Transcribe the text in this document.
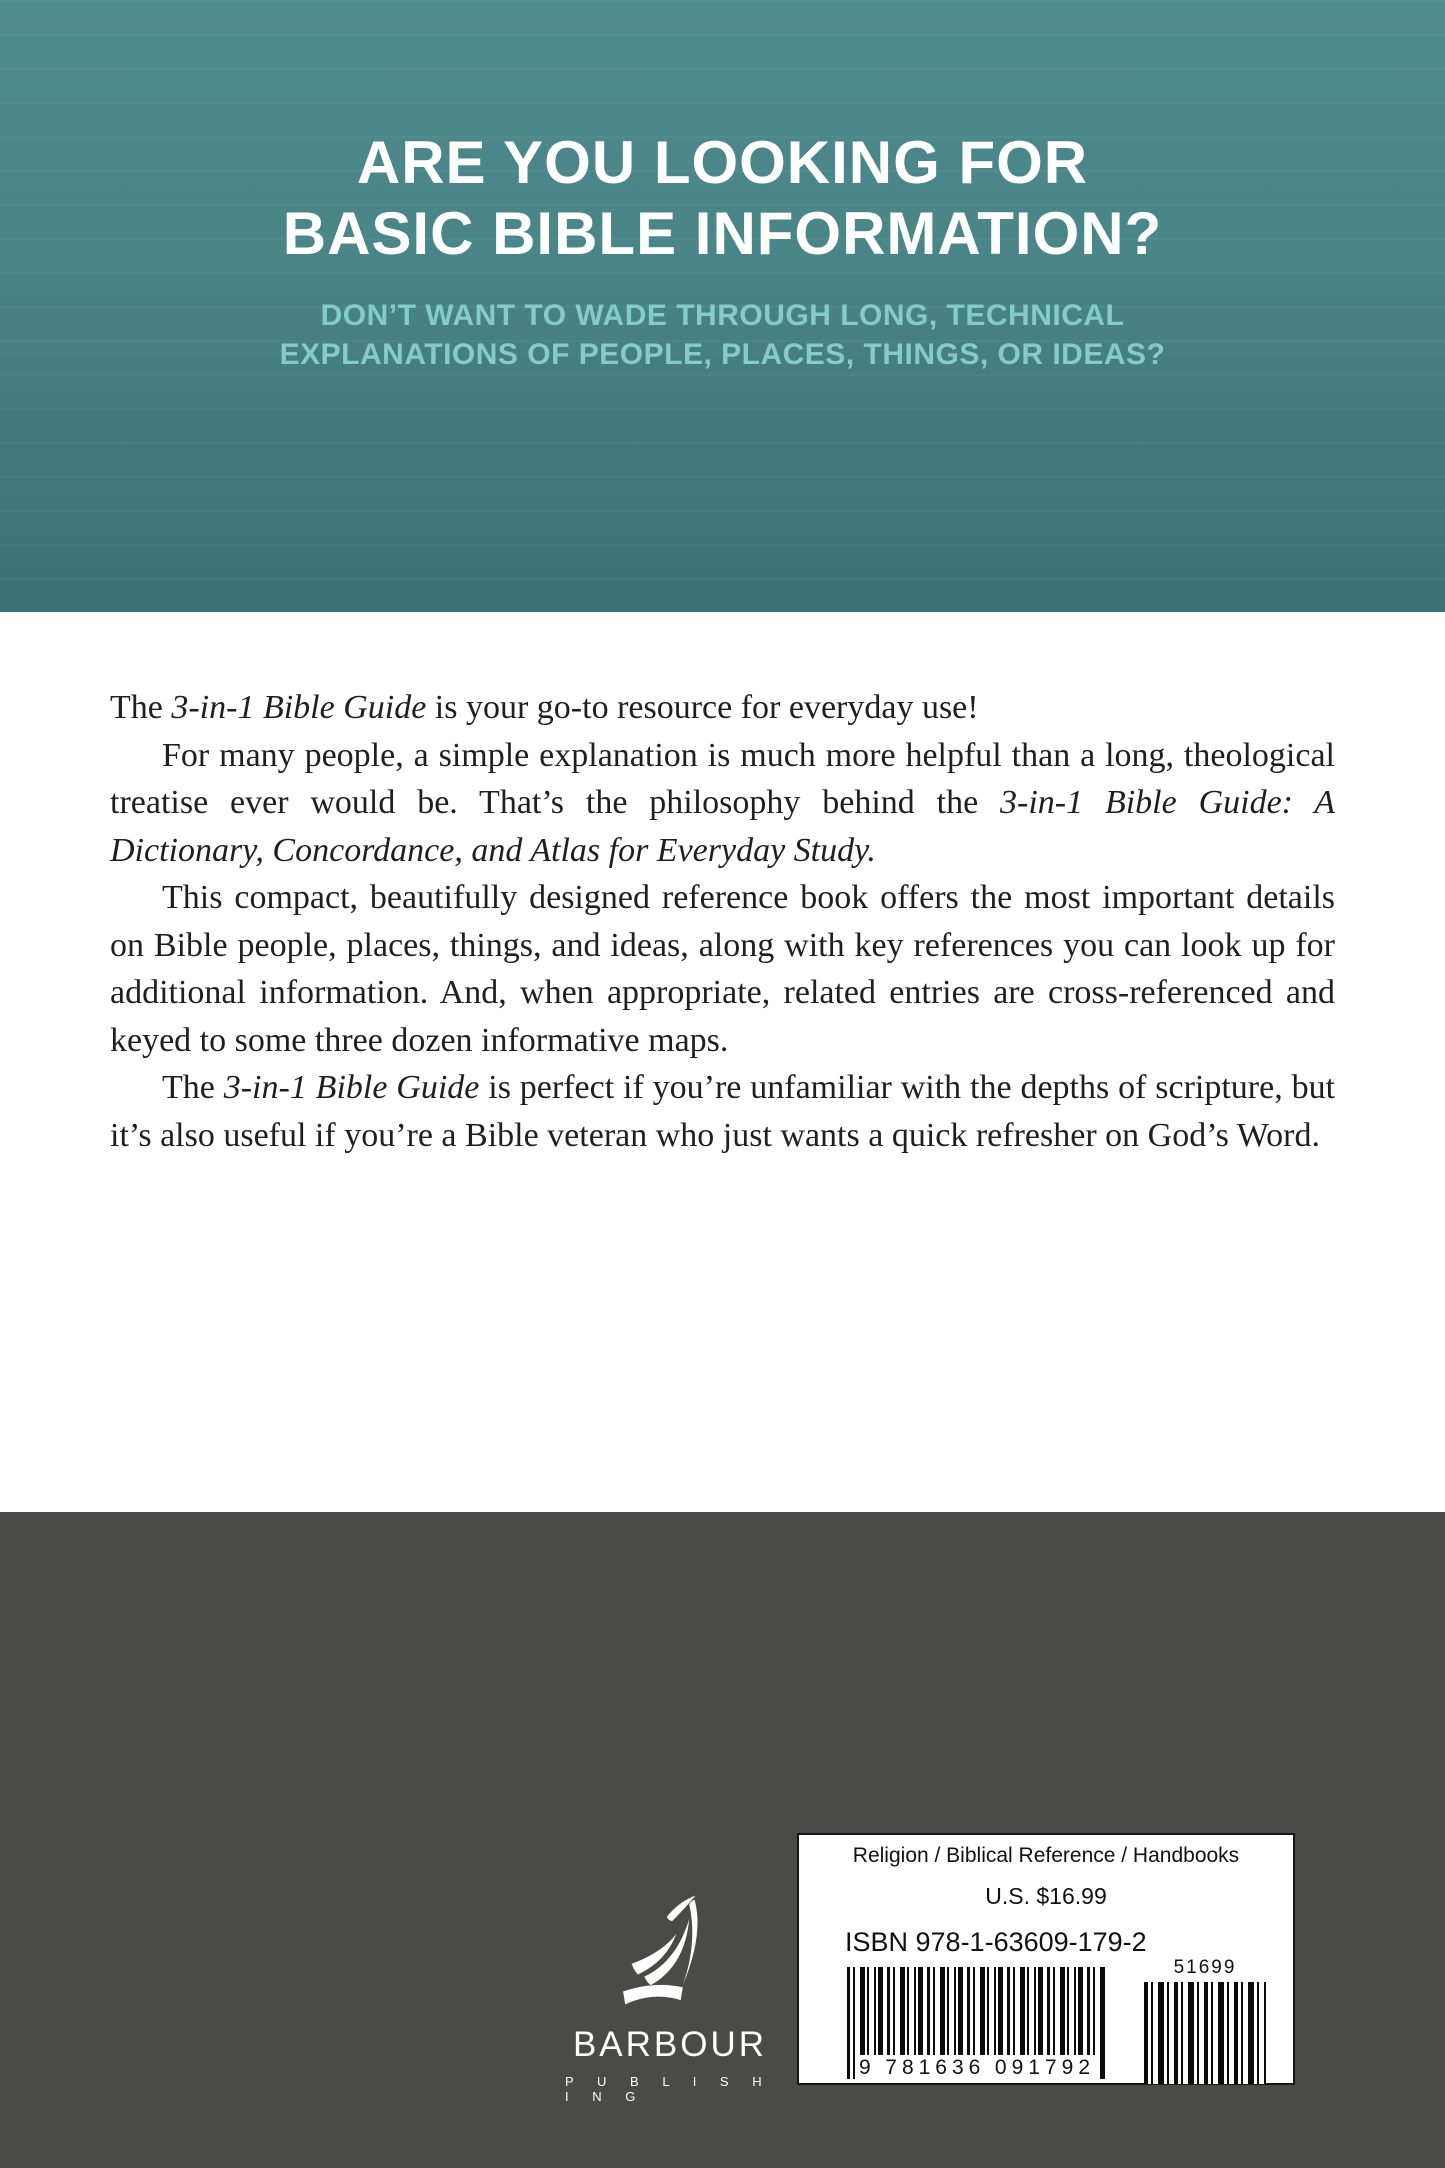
ARE YOU LOOKING FOR
BASIC BIBLE INFORMATION?
DON’T WANT TO WADE THROUGH LONG, TECHNICAL
EXPLANATIONS OF PEOPLE, PLACES, THINGS, OR IDEAS?

The 3-in-1 Bible Guide is your go-to resource for everyday use!

For many people, a simple explanation is much more helpful than a long, theological treatise ever would be. That’s the philosophy behind the 3-in-1 Bible Guide: A Dictionary, Concordance, and Atlas for Everyday Study.

This compact, beautifully designed reference book offers the most important details on Bible people, places, things, and ideas, along with key references you can look up for additional information. And, when appropriate, related entries are cross-referenced and keyed to some three dozen informative maps.

The 3-in-1 Bible Guide is perfect if you’re unfamiliar with the depths of scripture, but it’s also useful if you’re a Bible veteran who just wants a quick refresher on God’s Word.

BARBOUR
P U B L I S H I N G
Religion / Biblical Reference / Handbooks
U.S. $16.99
ISBN 978-1-63609-179-2
9 781636 091792
51699
